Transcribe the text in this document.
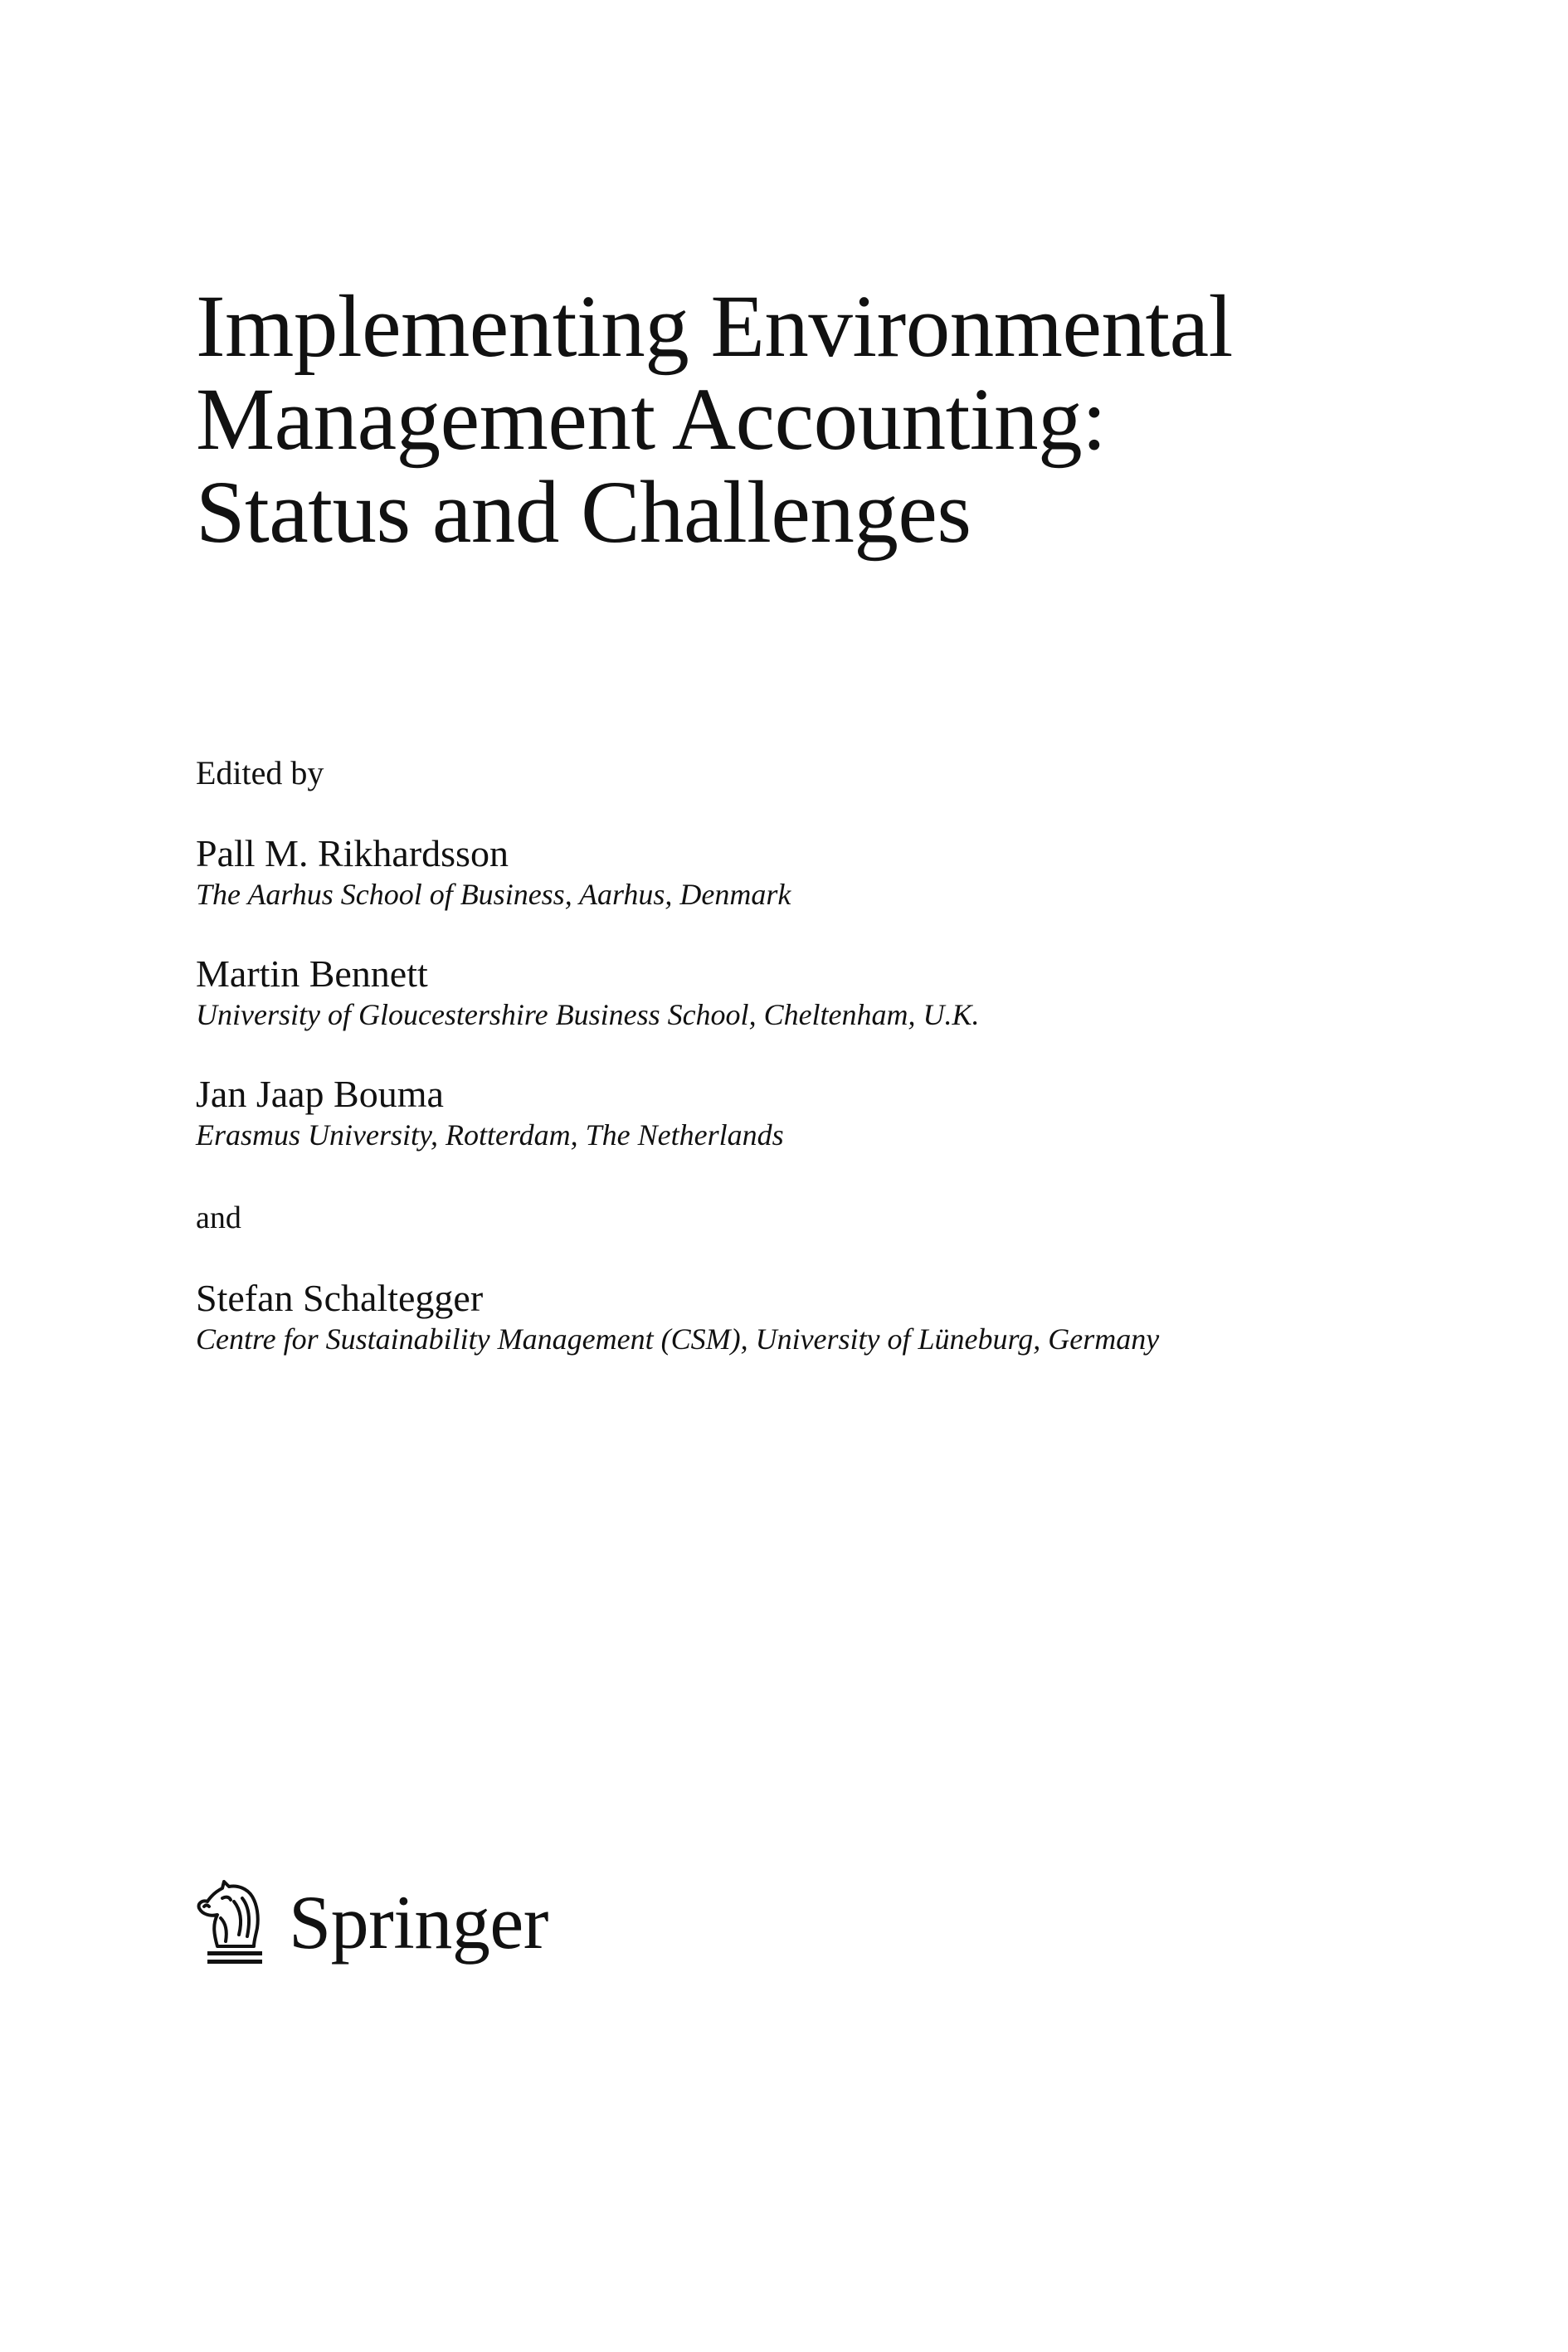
Implementing Environmental
Management Accounting:
Status and Challenges

Edited by

Pall M. Rikhardsson
The Aarhus School of Business, Aarhus, Denmark
Martin Bennett
University of Gloucestershire Business School, Cheltenham, U.K.
Jan Jaap Bouma
Erasmus University, Rotterdam, The Netherlands
and
Stefan Schaltegger
Centre for Sustainability Management (CSM), University of Lüneburg, Germany
Springer
